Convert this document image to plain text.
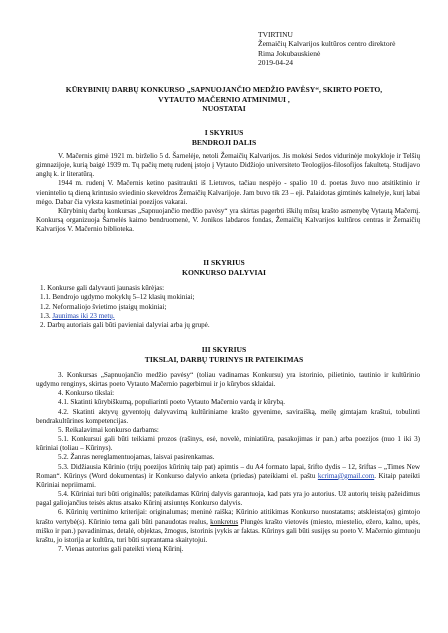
TVIRTINU
Žemaičių Kalvarijos kultūros centro direktorė
Rima Jokubauskienė
2019-04-24
KŪRYBINIŲ DARBŲ KONKURSO „SAPNUOJANČIO MEDŽIO PAVĖSY“, SKIRTO POETO,
VYTAUTO MAČERNIO ATMINIMUI ,
NUOSTATAI
I SKYRIUS
BENDROJI DALIS

V. Mačernis gimė 1921 m. birželio 5 d. Šarnelėje, netoli Žemaičių Kalvarijos. Jis mokėsi Sedos vidurinėje mokykloje ir Telšių gimnazijoje, kurią baigė 1939 m. Tų pačių metų rudenį įstojo į Vytauto Didžiojo universiteto Teologijos-filosofijos fakultetą. Studijavo anglų k. ir literatūrą.

1944 m. rudenį V. Mačernis ketino pasitraukti iš Lietuvos, tačiau nespėjo - spalio 10 d. poetas žuvo nuo atsitiktinio ir vienintelio tą dieną krintusio sviedinio skeveldros Žemaičių Kalvarijoje. Jam buvo tik 23 – eji. Palaidotas gimtinės kalnelyje, kurį labai mėgo. Dabar čia vyksta kasmetiniai poezijos vakarai.

Kūrybinių darbų konkursas „Sapnuojančio medžio pavėsy“ yra skirtas pagerbti iškilų mūsų krašto asmenybę Vytautą Mačernį. Konkursą organizuoja Šarnelės kaimo bendruomenė, V. Jonikos labdaros fondas, Žemaičių Kalvarijos kultūros centras ir Žemaičių Kalvarijos V. Mačernio biblioteka.

II SKYRIUS
KONKURSO DALYVIAI
1. Konkurse gali dalyvauti jaunasis kūrėjas:
1.1. Bendrojo ugdymo mokyklų 5–12 klasių mokiniai;
1.2. Neformaliojo švietimo įstaigų mokiniai;
1.3. Jaunimas iki 23 metų.
2. Darbų autoriais gali būti pavieniai dalyviai arba jų grupė.
III SKYRIUS
TIKSLAI, DARBŲ TURINYS IR PATEIKIMAS

3. Konkursas „Sapnuojančio medžio pavėsy“ (toliau vadinamas Konkursu) yra istorinio, pilietinio, tautinio ir kultūrinio ugdymo renginys, skirtas poeto Vytauto Mačernio pagerbimui ir jo kūrybos sklaidai.

4. Konkurso tikslai:

4.1. Skatinti kūrybiškumą, populiarinti poeto Vytauto Mačernio vardą ir kūrybą.

4.2. Skatinti aktyvų gyventojų dalyvavimą kultūriniame krašto gyvenime, saviraišką, meilę gimtajam kraštui, tobulinti bendrakultūrines kompetencijas.

5. Reikalavimai konkurso darbams:

5.1. Konkursui gali būti teikiami prozos (rašinys, esė, novelė, miniatiūra, pasakojimas ir pan.) arba poezijos (nuo 1 iki 3) kūriniai (toliau – Kūrinys).

5.2. Žanras nereglamentuojamas, laisvai pasirenkamas.

5.3. Didžiausia Kūrinio (trijų poezijos kūrinių taip pat) apimtis – du A4 formato lapai, šrifto dydis – 12, šriftas – „Times New Roman“. Kūrinys (Word dokumentas) ir Konkurso dalyvio anketa (priedas) pateikiami el. paštu kcrima@gmail.com. Kitaip pateikti Kūriniai nepriimami.

5.4. Kūriniai turi būti originalūs; pateikdamas Kūrinį dalyvis garantuoja, kad pats yra jo autorius. Už autorių teisių pažeidimus pagal galiojančius teisės aktus atsako Kūrinį atsiuntęs Konkurso dalyvis.

6. Kūrinių vertinimo kriterijai: originalumas; meninė raiška; Kūrinio atitikimas Konkurso nuostatams; atskleista(os) gimtojo krašto vertybė(s). Kūrinio tema gali būti panaudotas realus, konkretus Plungės krašto vietovės (miesto, miestelio, ežero, kalno, upės, miško ir pan.) pavadinimas, detalė, objektas, žmogus, istorinis įvykis ar faktas. Kūrinys gali būti susijęs su poeto V. Mačernio gimtuoju kraštu, jo istorija ar kultūra, turi būti suprantama skaitytojui.

7. Vienas autorius gali pateikti vieną Kūrinį.
